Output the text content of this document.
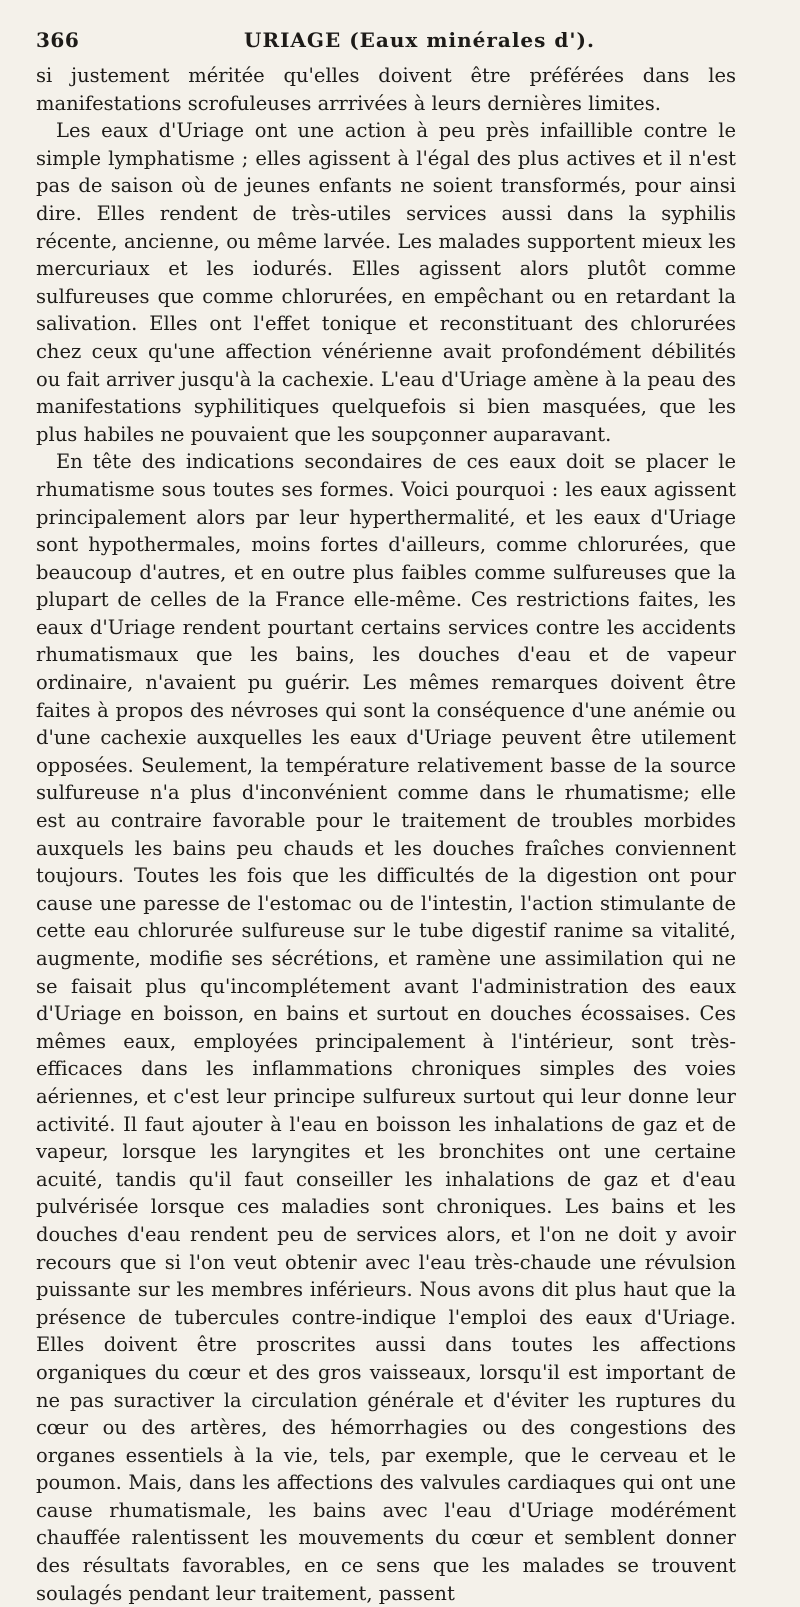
366	URIAGE (Eaux minérales d').

si justement méritée qu'elles doivent être préférées dans les manifestations scrofuleuses arrrivées à leurs dernières limites.

Les eaux d'Uriage ont une action à peu près infaillible contre le simple lymphatisme ; elles agissent à l'égal des plus actives et il n'est pas de saison où de jeunes enfants ne soient transformés, pour ainsi dire. Elles rendent de très-utiles services aussi dans la syphilis récente, ancienne, ou même larvée. Les malades supportent mieux les mercuriaux et les iodurés. Elles agissent alors plutôt comme sulfureuses que comme chlorurées, en empêchant ou en retardant la salivation. Elles ont l'effet tonique et reconstituant des chlorurées chez ceux qu'une affection vénérienne avait profondément débilités ou fait arriver jusqu'à la cachexie. L'eau d'Uriage amène à la peau des manifestations syphilitiques quelquefois si bien masquées, que les plus habiles ne pouvaient que les soupçonner auparavant.

En tête des indications secondaires de ces eaux doit se placer le rhumatisme sous toutes ses formes. Voici pourquoi : les eaux agissent principalement alors par leur hyperthermalité, et les eaux d'Uriage sont hypothermales, moins fortes d'ailleurs, comme chlorurées, que beaucoup d'autres, et en outre plus faibles comme sulfureuses que la plupart de celles de la France elle-même. Ces restrictions faites, les eaux d'Uriage rendent pourtant certains services contre les accidents rhumatismaux que les bains, les douches d'eau et de vapeur ordinaire, n'avaient pu guérir. Les mêmes remarques doivent être faites à propos des névroses qui sont la conséquence d'une anémie ou d'une cachexie auxquelles les eaux d'Uriage peuvent être utilement opposées. Seulement, la température relativement basse de la source sulfureuse n'a plus d'inconvénient comme dans le rhumatisme; elle est au contraire favorable pour le traitement de troubles morbides auxquels les bains peu chauds et les douches fraîches conviennent toujours. Toutes les fois que les difficultés de la digestion ont pour cause une paresse de l'estomac ou de l'intestin, l'action stimulante de cette eau chlorurée sulfureuse sur le tube digestif ranime sa vitalité, augmente, modifie ses sécrétions, et ramène une assimilation qui ne se faisait plus qu'incomplétement avant l'administration des eaux d'Uriage en boisson, en bains et surtout en douches écossaises. Ces mêmes eaux, employées principalement à l'intérieur, sont très-efficaces dans les inflammations chroniques simples des voies aériennes, et c'est leur principe sulfureux surtout qui leur donne leur activité. Il faut ajouter à l'eau en boisson les inhalations de gaz et de vapeur, lorsque les laryngites et les bronchites ont une certaine acuité, tandis qu'il faut conseiller les inhalations de gaz et d'eau pulvérisée lorsque ces maladies sont chroniques. Les bains et les douches d'eau rendent peu de services alors, et l'on ne doit y avoir recours que si l'on veut obtenir avec l'eau très-chaude une révulsion puissante sur les membres inférieurs. Nous avons dit plus haut que la présence de tubercules contre-indique l'emploi des eaux d'Uriage. Elles doivent être proscrites aussi dans toutes les affections organiques du cœur et des gros vaisseaux, lorsqu'il est important de ne pas suractiver la circulation générale et d'éviter les ruptures du cœur ou des artères, des hémorrhagies ou des congestions des organes essentiels à la vie, tels, par exemple, que le cerveau et le poumon. Mais, dans les affections des valvules cardiaques qui ont une cause rhumatismale, les bains avec l'eau d'Uriage modérément chauffée ralentissent les mouvements du cœur et semblent donner des résultats favorables, en ce sens que les malades se trouvent soulagés pendant leur traitement, passent
